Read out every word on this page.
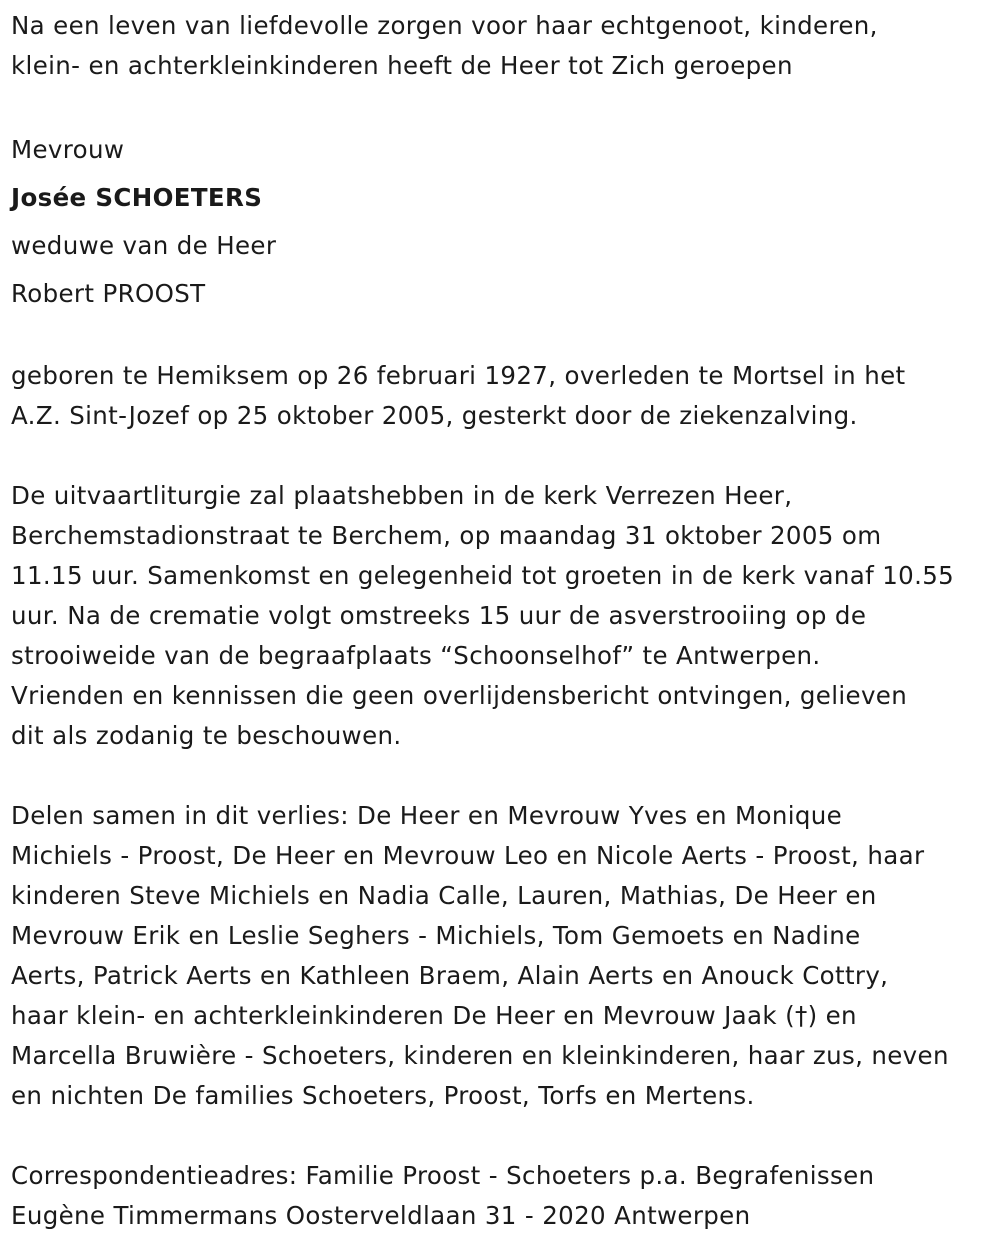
Na een leven van liefdevolle zorgen voor haar echtgenoot, kinderen,
klein- en achterkleinkinderen heeft de Heer tot Zich geroepen
Mevrouw
Josée SCHOETERS
weduwe van de Heer
Robert PROOST
geboren te Hemiksem op 26 februari 1927, overleden te Mortsel in het
A.Z. Sint-Jozef op 25 oktober 2005, gesterkt door de ziekenzalving.
De uitvaartliturgie zal plaatshebben in de kerk Verrezen Heer,
Berchemstadionstraat te Berchem, op maandag 31 oktober 2005 om
11.15 uur. Samenkomst en gelegenheid tot groeten in de kerk vanaf 10.55
uur. Na de crematie volgt omstreeks 15 uur de asverstrooiing op de
strooiweide van de begraafplaats “Schoonselhof” te Antwerpen.
Vrienden en kennissen die geen overlijdensbericht ontvingen, gelieven
dit als zodanig te beschouwen.
Delen samen in dit verlies: De Heer en Mevrouw Yves en Monique
Michiels - Proost, De Heer en Mevrouw Leo en Nicole Aerts - Proost, haar
kinderen Steve Michiels en Nadia Calle, Lauren, Mathias, De Heer en
Mevrouw Erik en Leslie Seghers - Michiels, Tom Gemoets en Nadine
Aerts, Patrick Aerts en Kathleen Braem, Alain Aerts en Anouck Cottry,
haar klein- en achterkleinkinderen De Heer en Mevrouw Jaak (†) en
Marcella Bruwière - Schoeters, kinderen en kleinkinderen, haar zus, neven
en nichten De families Schoeters, Proost, Torfs en Mertens.
Correspondentieadres: Familie Proost - Schoeters p.a. Begrafenissen
Eugène Timmermans Oosterveldlaan 31 - 2020 Antwerpen
